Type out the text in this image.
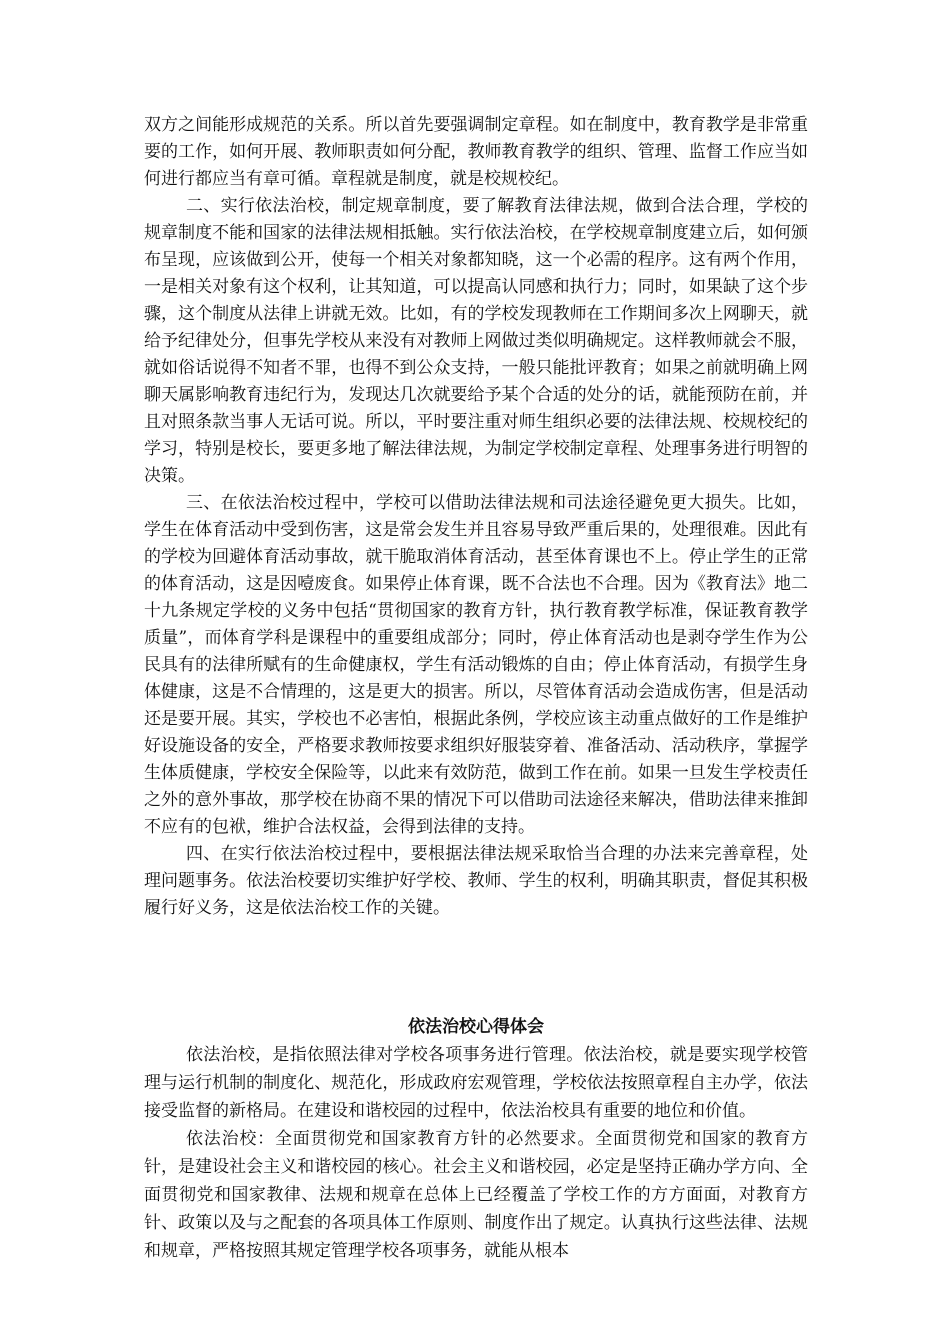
双方之间能形成规范的关系。所以首先要强调制定章程。如在制度中，教育教学是非常重要的工作，如何开展、教师职责如何分配，教师教育教学的组织、管理、监督工作应当如何进行都应当有章可循。章程就是制度，就是校规校纪。

二、实行依法治校，制定规章制度，要了解教育法律法规，做到合法合理，学校的规章制度不能和国家的法律法规相抵触。实行依法治校，在学校规章制度建立后，如何颁布呈现，应该做到公开，使每一个相关对象都知晓，这一个必需的程序。这有两个作用，一是相关对象有这个权利，让其知道，可以提高认同感和执行力；同时，如果缺了这个步骤，这个制度从法律上讲就无效。比如，有的学校发现教师在工作期间多次上网聊天，就给予纪律处分，但事先学校从来没有对教师上网做过类似明确规定。这样教师就会不服，就如俗话说得不知者不罪，也得不到公众支持，一般只能批评教育；如果之前就明确上网聊天属影响教育违纪行为，发现达几次就要给予某个合适的处分的话，就能预防在前，并且对照条款当事人无话可说。所以，平时要注重对师生组织必要的法律法规、校规校纪的学习，特别是校长，要更多地了解法律法规，为制定学校制定章程、处理事务进行明智的决策。

三、在依法治校过程中，学校可以借助法律法规和司法途径避免更大损失。比如，学生在体育活动中受到伤害，这是常会发生并且容易导致严重后果的，处理很难。因此有的学校为回避体育活动事故，就干脆取消体育活动，甚至体育课也不上。停止学生的正常的体育活动，这是因噎废食。如果停止体育课，既不合法也不合理。因为《教育法》地二十九条规定学校的义务中包括“贯彻国家的教育方针，执行教育教学标准，保证教育教学质量”，而体育学科是课程中的重要组成部分；同时，停止体育活动也是剥夺学生作为公民具有的法律所赋有的生命健康权，学生有活动锻炼的自由；停止体育活动，有损学生身体健康，这是不合情理的，这是更大的损害。所以，尽管体育活动会造成伤害，但是活动还是要开展。其实，学校也不必害怕，根据此条例，学校应该主动重点做好的工作是维护好设施设备的安全，严格要求教师按要求组织好服装穿着、准备活动、活动秩序，掌握学生体质健康，学校安全保险等，以此来有效防范，做到工作在前。如果一旦发生学校责任之外的意外事故，那学校在协商不果的情况下可以借助司法途径来解决，借助法律来推卸不应有的包袱，维护合法权益，会得到法律的支持。

四、在实行依法治校过程中，要根据法律法规采取恰当合理的办法来完善章程，处理问题事务。依法治校要切实维护好学校、教师、学生的权利，明确其职责，督促其积极履行好义务，这是依法治校工作的关键。

依法治校心得体会

依法治校，是指依照法律对学校各项事务进行管理。依法治校，就是要实现学校管理与运行机制的制度化、规范化，形成政府宏观管理，学校依法按照章程自主办学，依法接受监督的新格局。在建设和谐校园的过程中，依法治校具有重要的地位和价值。

依法治校：全面贯彻党和国家教育方针的必然要求。全面贯彻党和国家的教育方针，是建设社会主义和谐校园的核心。社会主义和谐校园，必定是坚持正确办学方向、全面贯彻党和国家教律、法规和规章在总体上已经覆盖了学校工作的方方面面，对教育方针、政策以及与之配套的各项具体工作原则、制度作出了规定。认真执行这些法律、法规和规章，严格按照其规定管理学校各项事务，就能从根本
